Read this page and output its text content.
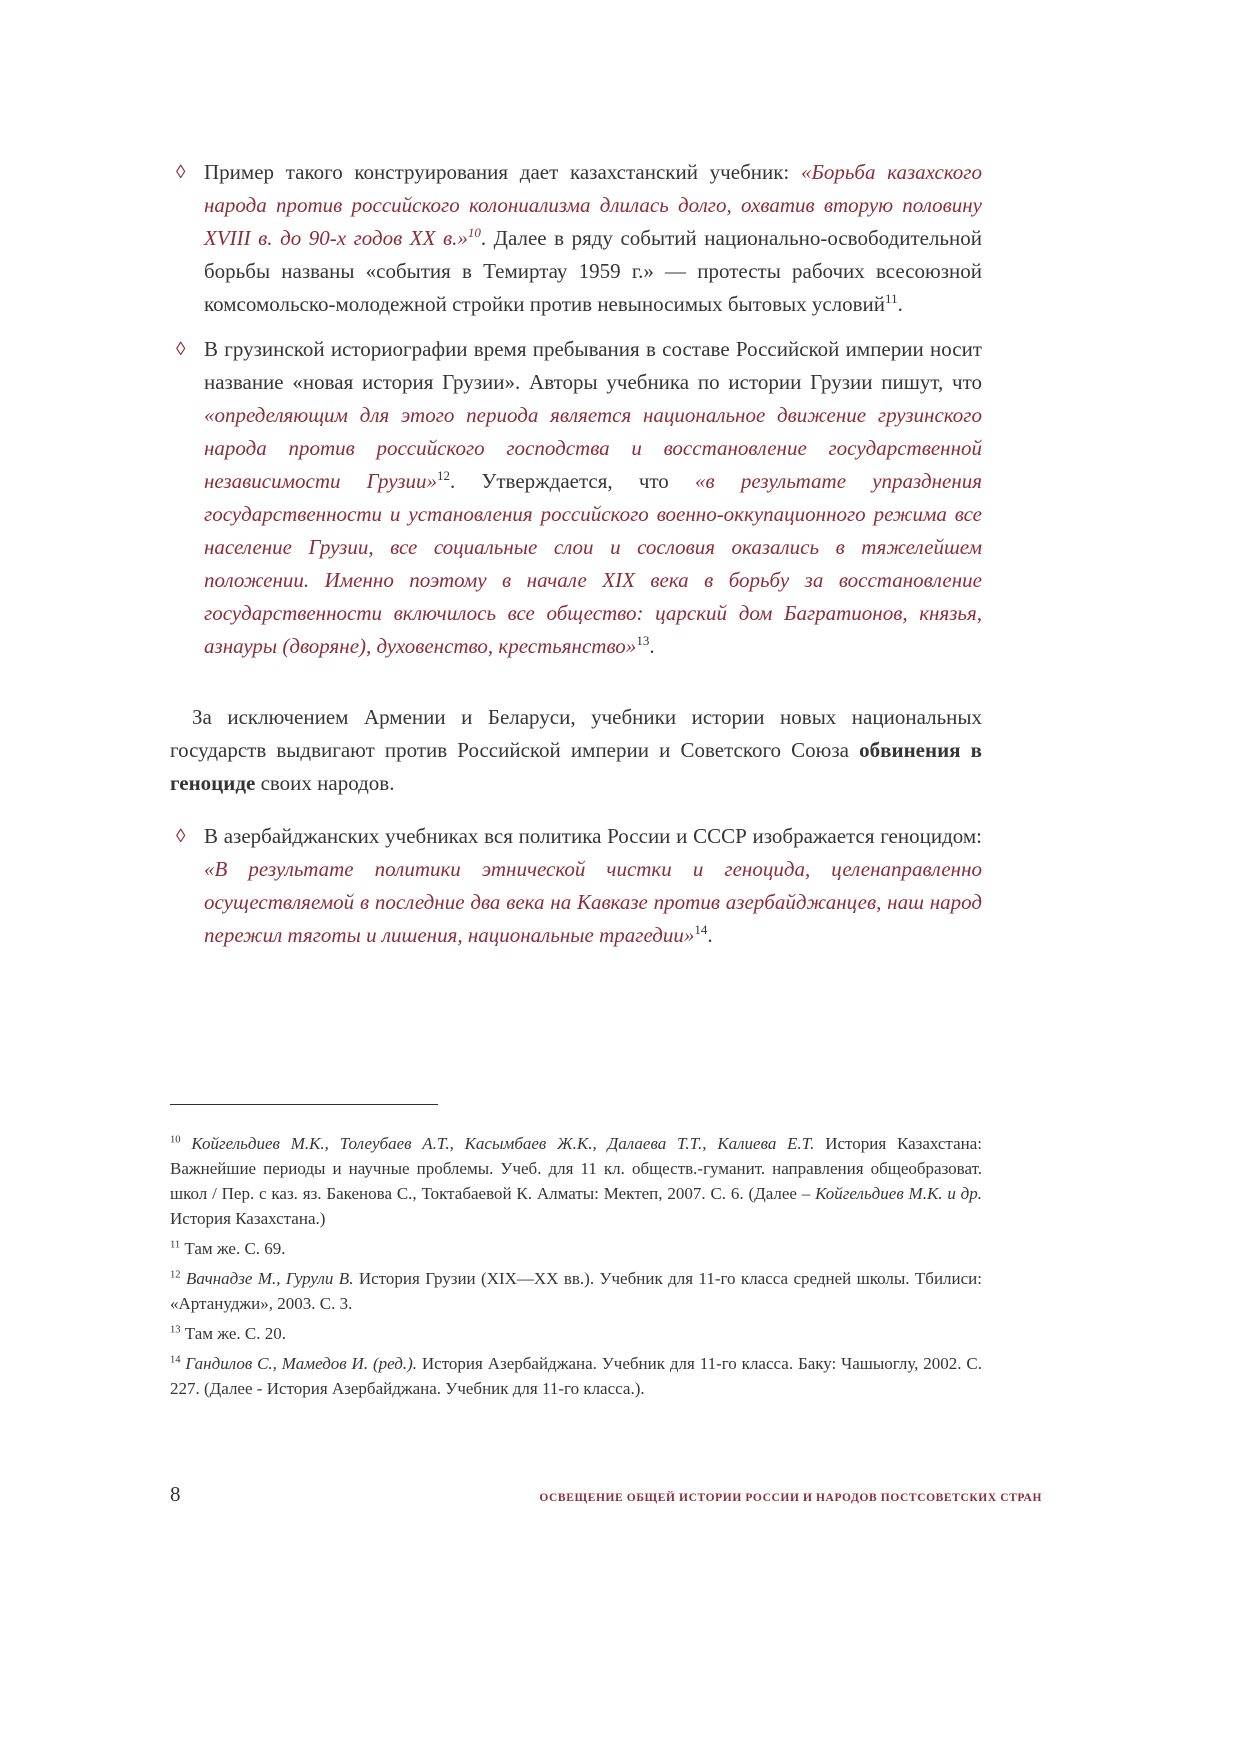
◊ Пример такого конструирования дает казахстанский учебник: «Борьба казахского народа против российского колониализма длилась долго, охватив вторую половину XVIII в. до 90-х годов XX в.»$^{10}$. Далее в ряду событий национально-освободительной борьбы названы «события в Темиртау 1959 г.» — протесты рабочих всесоюзной комсомольско-молодежной стройки против невыносимых бытовых условий$^{11}$.
◊ В грузинской историографии время пребывания в составе Российской империи носит название «новая история Грузии». Авторы учебника по истории Грузии пишут, что «определяющим для этого периода является национальное движение грузинского народа против российского господства и восстановление государственной независимости Грузии»$^{12}$. Утверждается, что «в результате упразднения государственности и установления российского военно-оккупационного режима все население Грузии, все социальные слои и сословия оказались в тяжелейшем положении. Именно поэтому в начале XIX века в борьбу за восстановление государственности включилось все общество: царский дом Багратионов, князья, азнауры (дворяне), духовенство, крестьянство»$^{13}$.

За исключением Армении и Беларуси, учебники истории новых национальных государств выдвигают против Российской империи и Советского Союза обвинения в геноциде своих народов.

◊ В азербайджанских учебниках вся политика России и СССР изображается геноцидом: «В результате политики этнической чистки и геноцида, целенаправленно осуществляемой в последние два века на Кавказе против азербайджанцев, наш народ пережил тяготы и лишения, национальные трагедии»$^{14}$.

$^{10}$ Койгельдиев М.К., Толеубаев А.Т., Касымбаев Ж.К., Далаева Т.Т., Калиева Е.Т. История Казахстана: Важнейшие периоды и научные проблемы. Учеб. для 11 кл. обществ.-гуманит. направления общеобразоват. школ / Пер. с каз. яз. Бакенова С., Токтабаевой К. Алматы: Мектеп, 2007. С. 6. (Далее – Койгельдиев М.К. и др. История Казахстана.)

$^{11}$ Там же. С. 69.

$^{12}$ Вачнадзе М., Гурули В. История Грузии (XIX—XX вв.). Учебник для 11-го класса средней школы. Тбилиси: «Артануджи», 2003. С. 3.

$^{13}$ Там же. С. 20.

$^{14}$ Гандилов С., Мамедов И. (ред.). История Азербайджана. Учебник для 11-го класса. Баку: Чашыоглу, 2002. С. 227. (Далее - История Азербайджана. Учебник для 11-го класса.).

8	ОСВЕЩЕНИЕ ОБЩЕЙ ИСТОРИИ РОССИИ И НАРОДОВ ПОСТСОВЕТСКИХ СТРАН
